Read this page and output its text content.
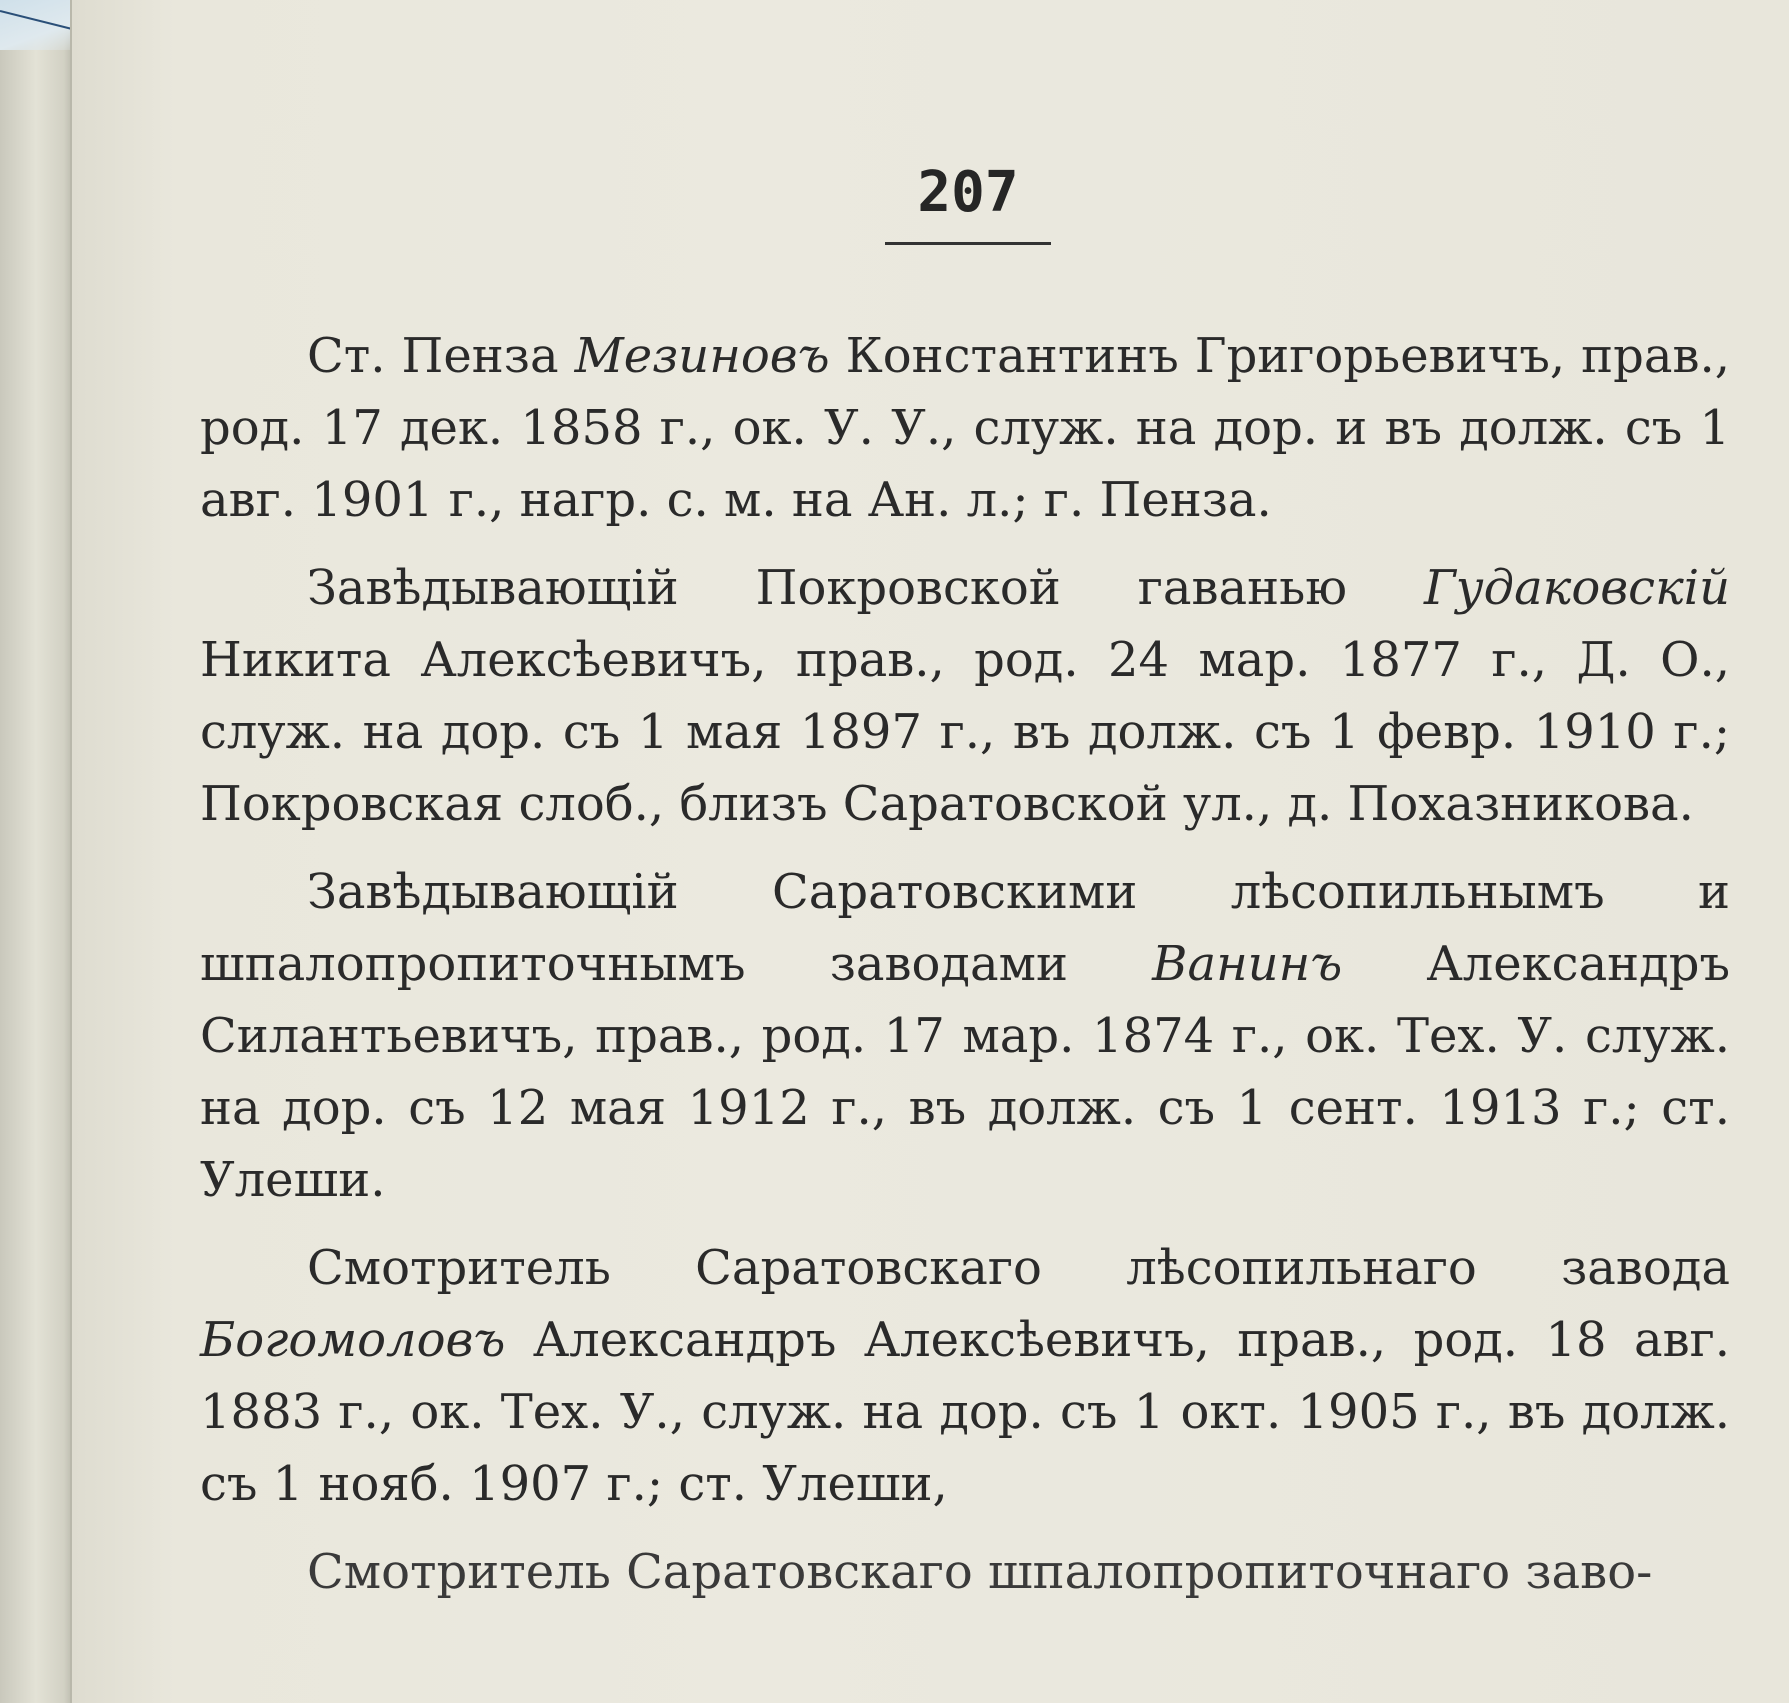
207

Ст. Пенза Мезиновъ Константинъ Григорьевичъ, прав., род. 17 дек. 1858 г., ок. У. У., служ. на дор. и въ долж. съ 1 авг. 1901 г., нагр. с. м. на Ан. л.; г. Пенза.

Завѣдывающій Покровской гаванью Гудаковскій Никита Алексѣевичъ, прав., род. 24 мар. 1877 г., Д. О., служ. на дор. съ 1 мая 1897 г., въ долж. съ 1 февр. 1910 г.; Покровская слоб., близъ Саратовской ул., д. Похазникова.

Завѣдывающій Саратовскими лѣсопильнымъ и шпалопропиточнымъ заводами Ванинъ Александръ Силантьевичъ, прав., род. 17 мар. 1874 г., ок. Тех. У. служ. на дор. съ 12 мая 1912 г., въ долж. съ 1 сент. 1913 г.; ст. Улеши.

Смотритель Саратовскаго лѣсопильнаго завода Богомоловъ Александръ Алексѣевичъ, прав., род. 18 авг. 1883 г., ок. Тех. У., служ. на дор. съ 1 окт. 1905 г., въ долж. съ 1 нояб. 1907 г.; ст. Улеши,

Смотритель Саратовскаго шпалопропиточнаго заво-
